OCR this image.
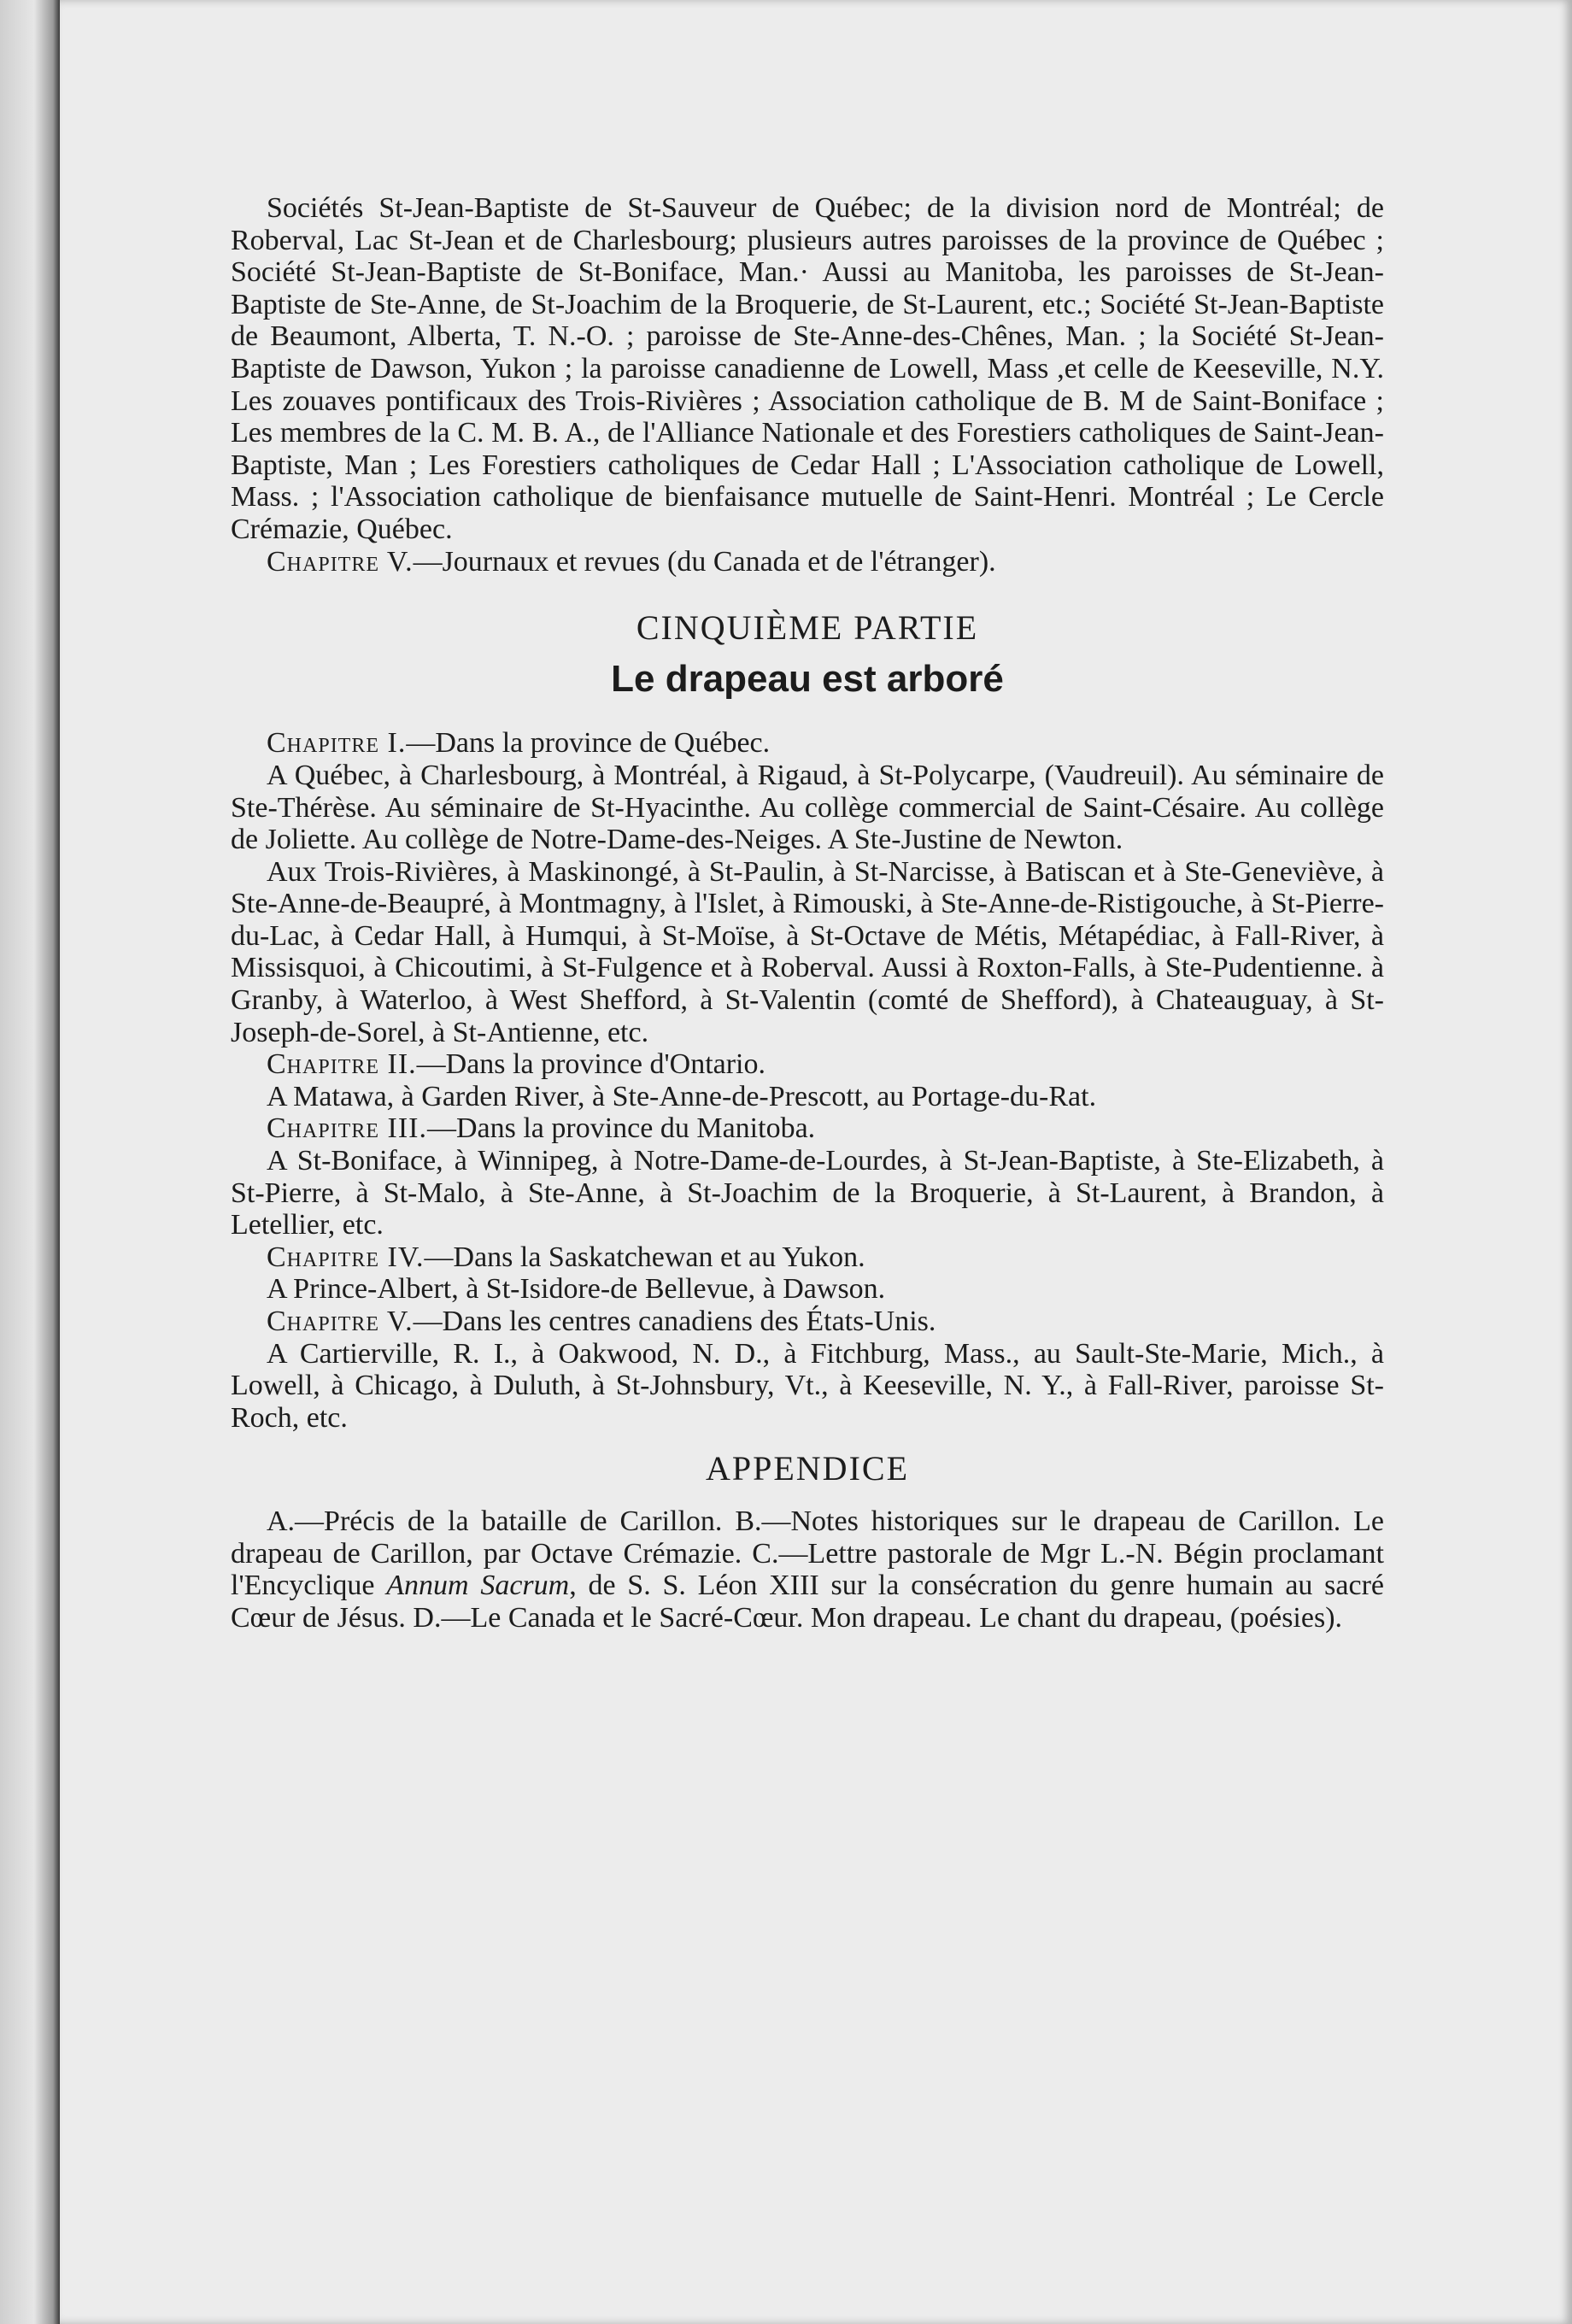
Sociétés St-Jean-Baptiste de St-Sauveur de Québec; de la division nord de Montréal; de Roberval, Lac St-Jean et de Charlesbourg; plusieurs autres paroisses de la province de Québec ; Société St-Jean-Baptiste de St-Boniface, Man.· Aussi au Manitoba, les paroisses de St-Jean-Baptiste de Ste-Anne, de St-Joachim de la Broquerie, de St-Laurent, etc.; Société St-Jean-Baptiste de Beaumont, Alberta, T. N.-O. ; paroisse de Ste-Anne-des-Chênes, Man. ; la Société St-Jean-Baptiste de Dawson, Yukon ; la paroisse canadienne de Lowell, Mass ,et celle de Keeseville, N.Y. Les zouaves pontificaux des Trois-Rivières ; Association catholique de B. M de Saint-Boniface ; Les membres de la C. M. B. A., de l'Alliance Nationale et des Forestiers catholiques de Saint-Jean-Baptiste, Man ; Les Forestiers catholiques de Cedar Hall ; L'Association catholique de Lowell, Mass. ; l'Association catholique de bienfaisance mutuelle de Saint-Henri. Montréal ; Le Cercle Crémazie, Québec.

Chapitre V.—Journaux et revues (du Canada et de l'étranger).

CINQUIÈME PARTIE
Le drapeau est arboré

Chapitre I.—Dans la province de Québec.

A Québec, à Charlesbourg, à Montréal, à Rigaud, à St-Polycarpe, (Vaudreuil). Au séminaire de Ste-Thérèse. Au séminaire de St-Hyacinthe. Au collège commercial de Saint-Césaire. Au collège de Joliette. Au collège de Notre-Dame-des-Neiges. A Ste-Justine de Newton.

Aux Trois-Rivières, à Maskinongé, à St-Paulin, à St-Narcisse, à Batiscan et à Ste-Geneviève, à Ste-Anne-de-Beaupré, à Montmagny, à l'Islet, à Rimouski, à Ste-Anne-de-Ristigouche, à St-Pierre-du-Lac, à Cedar Hall, à Humqui, à St-Moïse, à St-Octave de Métis, Métapédiac, à Fall-River, à Missisquoi, à Chicoutimi, à St-Fulgence et à Roberval. Aussi à Roxton-Falls, à Ste-Pudentienne. à Granby, à Waterloo, à West Shefford, à St-Valentin (comté de Shefford), à Chateauguay, à St-Joseph-de-Sorel, à St-Antienne, etc.

Chapitre II.—Dans la province d'Ontario.

A Matawa, à Garden River, à Ste-Anne-de-Prescott, au Portage-du-Rat.

Chapitre III.—Dans la province du Manitoba.

A St-Boniface, à Winnipeg, à Notre-Dame-de-Lourdes, à St-Jean-Baptiste, à Ste-Elizabeth, à St-Pierre, à St-Malo, à Ste-Anne, à St-Joachim de la Broquerie, à St-Laurent, à Brandon, à Letellier, etc.

Chapitre IV.—Dans la Saskatchewan et au Yukon.

A Prince-Albert, à St-Isidore-de Bellevue, à Dawson.

Chapitre V.—Dans les centres canadiens des États-Unis.

A Cartierville, R. I., à Oakwood, N. D., à Fitchburg, Mass., au Sault-Ste-Marie, Mich., à Lowell, à Chicago, à Duluth, à St-Johnsbury, Vt., à Keeseville, N. Y., à Fall-River, paroisse St-Roch, etc.

APPENDICE

A.—Précis de la bataille de Carillon. B.—Notes historiques sur le drapeau de Carillon. Le drapeau de Carillon, par Octave Crémazie. C.—Lettre pastorale de Mgr L.-N. Bégin proclamant l'Encyclique Annum Sacrum, de S. S. Léon XIII sur la consécration du genre humain au sacré Cœur de Jésus. D.—Le Canada et le Sacré-Cœur. Mon drapeau. Le chant du drapeau, (poésies).
